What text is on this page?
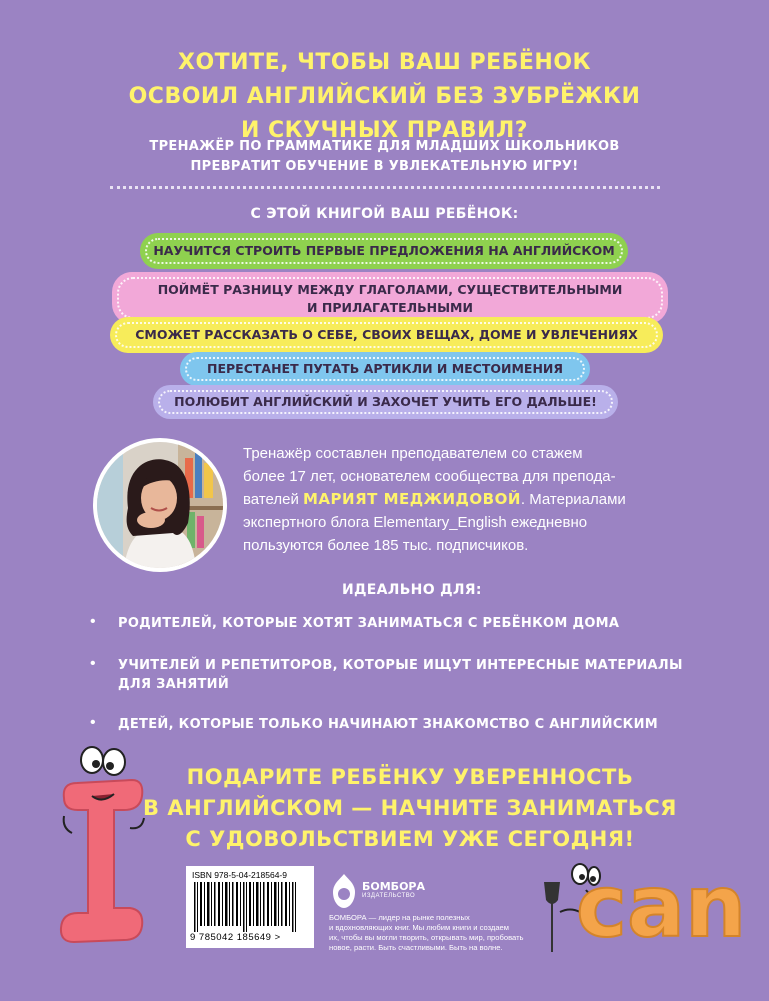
ХОТИТЕ, ЧТОБЫ ВАШ РЕБЁНОК
ОСВОИЛ АНГЛИЙСКИЙ БЕЗ ЗУБРЁЖКИ
И СКУЧНЫХ ПРАВИЛ?
ТРЕНАЖЁР ПО ГРАММАТИКЕ ДЛЯ МЛАДШИХ ШКОЛЬНИКОВ
ПРЕВРАТИТ ОБУЧЕНИЕ В УВЛЕКАТЕЛЬНУЮ ИГРУ!
С ЭТОЙ КНИГОЙ ВАШ РЕБЁНОК:
НАУЧИТСЯ СТРОИТЬ ПЕРВЫЕ ПРЕДЛОЖЕНИЯ НА АНГЛИЙСКОМ
ПОЙМЁТ РАЗНИЦУ МЕЖДУ ГЛАГОЛАМИ, СУЩЕСТВИТЕЛЬНЫМИ
И ПРИЛАГАТЕЛЬНЫМИ
СМОЖЕТ РАССКАЗАТЬ О СЕБЕ, СВОИХ ВЕЩАХ, ДОМЕ И УВЛЕЧЕНИЯХ
ПЕРЕСТАНЕТ ПУТАТЬ АРТИКЛИ И МЕСТОИМЕНИЯ
ПОЛЮБИТ АНГЛИЙСКИЙ И ЗАХОЧЕТ УЧИТЬ ЕГО ДАЛЬШЕ!
Тренажёр составлен преподавателем со стажем
более 17 лет, основателем сообщества для препода-
вателей МАРИЯТ МЕДЖИДОВОЙ. Материалами
экспертного блога Elementary_English ежедневно
пользуются более 185 тыс. подписчиков.
ИДЕАЛЬНО ДЛЯ:
• РОДИТЕЛЕЙ, КОТОРЫЕ ХОТЯТ ЗАНИМАТЬСЯ С РЕБЁНКОМ ДОМА
• УЧИТЕЛЕЙ И РЕПЕТИТОРОВ, КОТОРЫЕ ИЩУТ ИНТЕРЕСНЫЕ МАТЕРИАЛЫ
ДЛЯ ЗАНЯТИЙ
• ДЕТЕЙ, КОТОРЫЕ ТОЛЬКО НАЧИНАЮТ ЗНАКОМСТВО С АНГЛИЙСКИМ
ПОДАРИТЕ РЕБЁНКУ УВЕРЕННОСТЬ
В АНГЛИЙСКОМ — НАЧНИТЕ ЗАНИМАТЬСЯ
С УДОВОЛЬСТВИЕМ УЖЕ СЕГОДНЯ!
ISBN 978-5-04-218564-9
9 785042 185649 >
БОМБОРА
ИЗДАТЕЛЬСТВО
БОМБОРА — лидер на рынке полезных
и вдохновляющих книг. Мы любим книги и создаем
их, чтобы вы могли творить, открывать мир, пробовать
новое, расти. Быть счастливыми. Быть на волне. can
